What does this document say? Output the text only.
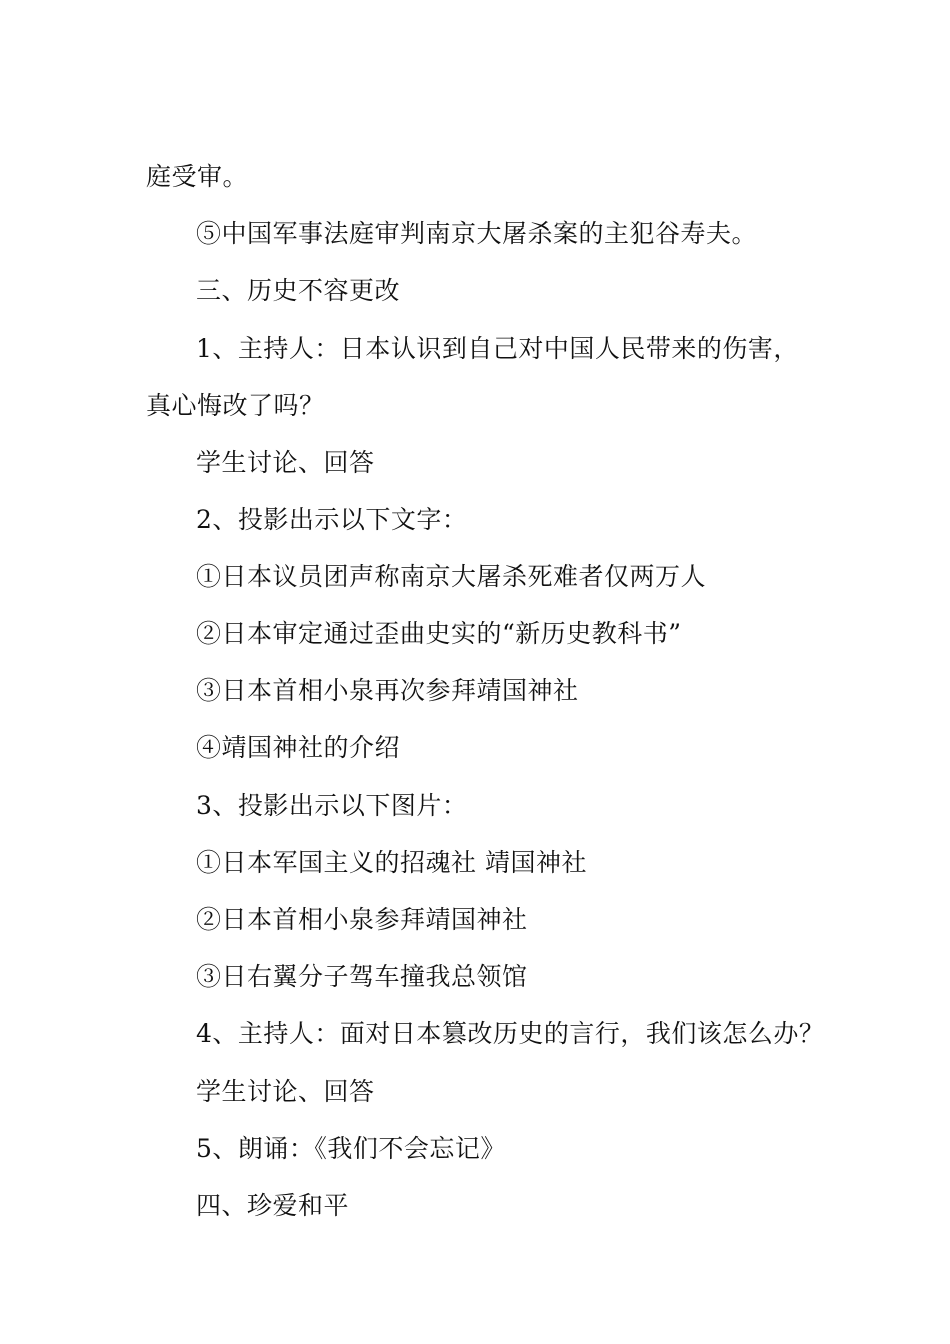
庭受审。

⑤中国军事法庭审判南京大屠杀案的主犯谷寿夫。

三、历史不容更改

1、主持人：日本认识到自己对中国人民带来的伤害，

真心悔改了吗？

学生讨论、回答

2、投影出示以下文字：

①日本议员团声称南京大屠杀死难者仅两万人

②日本审定通过歪曲史实的“新历史教科书”

③日本首相小泉再次参拜靖国神社

④靖国神社的介绍

3、投影出示以下图片：

①日本军国主义的招魂社 靖国神社

②日本首相小泉参拜靖国神社

③日右翼分子驾车撞我总领馆

4、主持人：面对日本篡改历史的言行，我们该怎么办？

学生讨论、回答

5、朗诵：《我们不会忘记》

四、珍爱和平
